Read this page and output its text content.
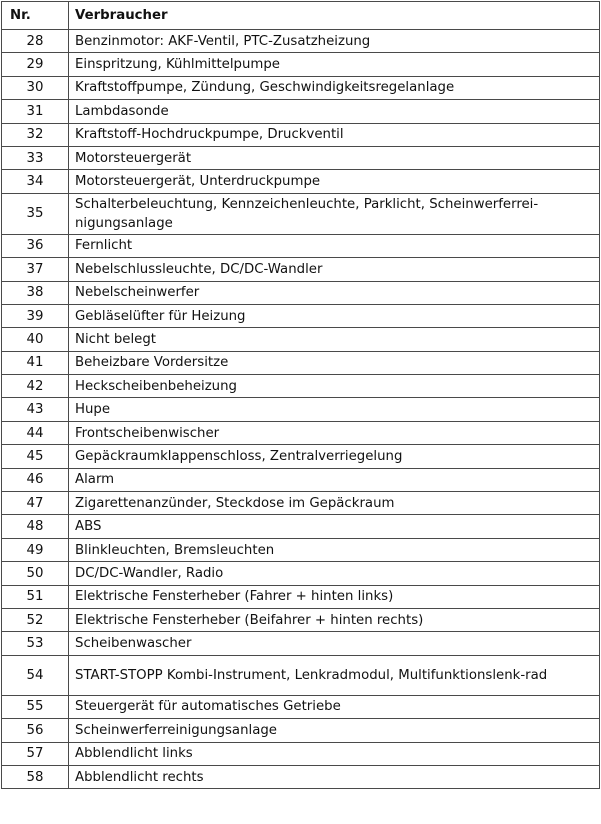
Nr.	Verbraucher
28	Benzinmotor: AKF-Ventil, PTC-Zusatzheizung
29	Einspritzung, Kühlmittelpumpe
30	Kraftstoffpumpe, Zündung, Geschwindigkeitsregelanlage
31	Lambdasonde
32	Kraftstoff-Hochdruckpumpe, Druckventil
33	Motorsteuergerät
34	Motorsteuergerät, Unterdruckpumpe
35	Schalterbeleuchtung, Kennzeichenleuchte, Parklicht, Scheinwerferrei-nigungsanlage
36	Fernlicht
37	Nebelschlussleuchte, DC/DC-Wandler
38	Nebelscheinwerfer
39	Gebläselüfter für Heizung
40	Nicht belegt
41	Beheizbare Vordersitze
42	Heckscheibenbeheizung
43	Hupe
44	Frontscheibenwischer
45	Gepäckraumklappenschloss, Zentralverriegelung
46	Alarm
47	Zigarettenanzünder, Steckdose im Gepäckraum
48	ABS
49	Blinkleuchten, Bremsleuchten
50	DC/DC-Wandler, Radio
51	Elektrische Fensterheber (Fahrer + hinten links)
52	Elektrische Fensterheber (Beifahrer + hinten rechts)
53	Scheibenwascher
54	START-STOPP Kombi-Instrument, Lenkradmodul, Multifunktionslenk-rad
55	Steuergerät für automatisches Getriebe
56	Scheinwerferreinigungsanlage
57	Abblendlicht links
58	Abblendlicht rechts
